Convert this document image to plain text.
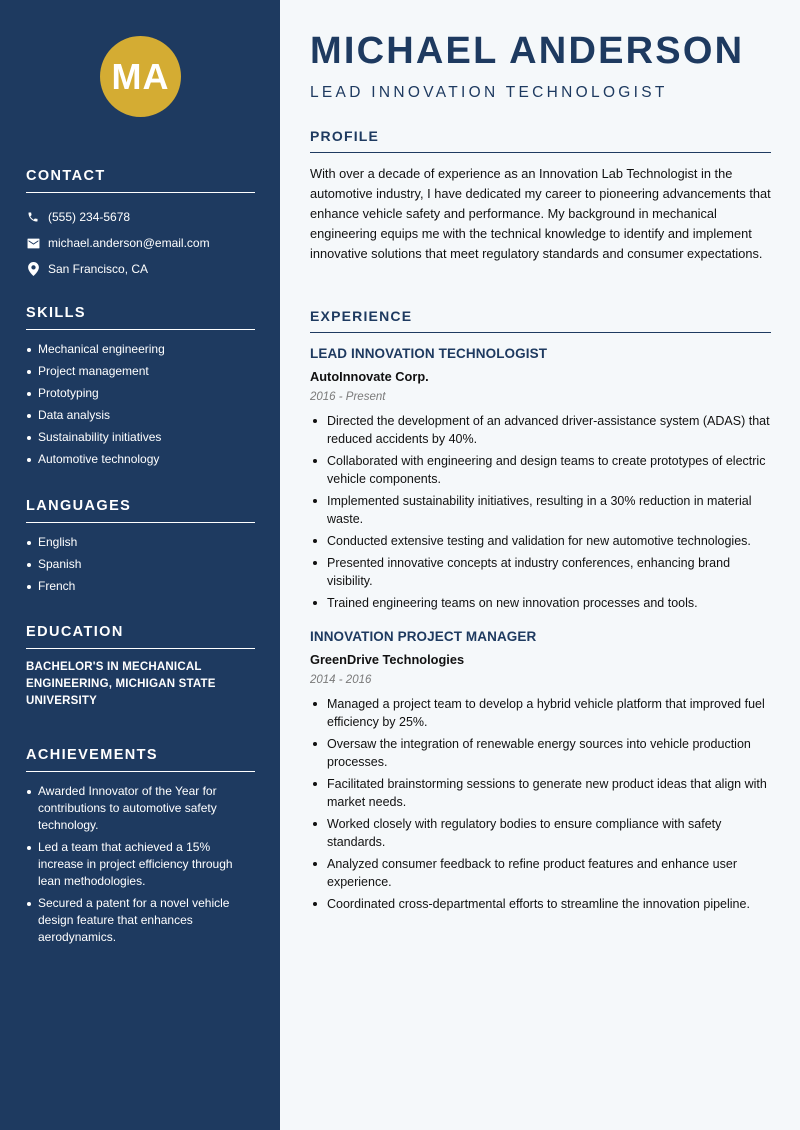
MA
CONTACT
(555) 234-5678
michael.anderson@email.com
San Francisco, CA
SKILLS
Mechanical engineering
Project management
Prototyping
Data analysis
Sustainability initiatives
Automotive technology
LANGUAGES
English
Spanish
French
EDUCATION
BACHELOR'S IN MECHANICAL ENGINEERING, MICHIGAN STATE UNIVERSITY
ACHIEVEMENTS
Awarded Innovator of the Year for contributions to automotive safety technology.
Led a team that achieved a 15% increase in project efficiency through lean methodologies.
Secured a patent for a novel vehicle design feature that enhances aerodynamics.
MICHAEL ANDERSON
LEAD INNOVATION TECHNOLOGIST
PROFILE
With over a decade of experience as an Innovation Lab Technologist in the automotive industry, I have dedicated my career to pioneering advancements that enhance vehicle safety and performance. My background in mechanical engineering equips me with the technical knowledge to identify and implement innovative solutions that meet regulatory standards and consumer expectations.
EXPERIENCE
LEAD INNOVATION TECHNOLOGIST
AutoInnovate Corp.
2016 - Present
Directed the development of an advanced driver-assistance system (ADAS) that reduced accidents by 40%.
Collaborated with engineering and design teams to create prototypes of electric vehicle components.
Implemented sustainability initiatives, resulting in a 30% reduction in material waste.
Conducted extensive testing and validation for new automotive technologies.
Presented innovative concepts at industry conferences, enhancing brand visibility.
Trained engineering teams on new innovation processes and tools.
INNOVATION PROJECT MANAGER
GreenDrive Technologies
2014 - 2016
Managed a project team to develop a hybrid vehicle platform that improved fuel efficiency by 25%.
Oversaw the integration of renewable energy sources into vehicle production processes.
Facilitated brainstorming sessions to generate new product ideas that align with market needs.
Worked closely with regulatory bodies to ensure compliance with safety standards.
Analyzed consumer feedback to refine product features and enhance user experience.
Coordinated cross-departmental efforts to streamline the innovation pipeline.
